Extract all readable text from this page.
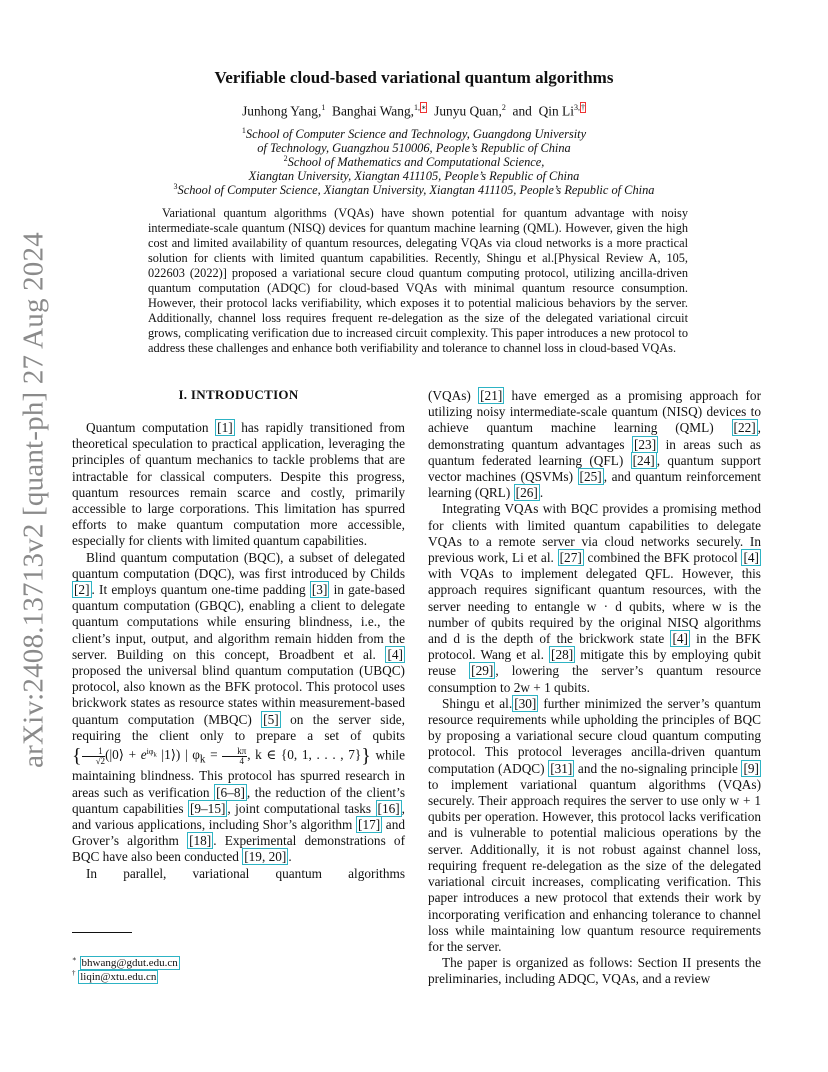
arXiv:2408.13713v2 [quant-ph] 27 Aug 2024
Verifiable cloud-based variational quantum algorithms
Junhong Yang,$^1$ Banghai Wang,$^{1,∗}$ Junyu Quan,$^2$ and Qin $Li^{3,\dagger}$
$^1$School of Computer Science and Technology, Guangdong University
of Technology, Guangzhou 510006, People’s Republic of China
$^2$School of Mathematics and Computational Science,
Xiangtan University, Xiangtan 411105, People’s Republic of China
$^3$School of Computer Science, Xiangtan University, Xiangtan 411105, People’s Republic of China
Variational quantum algorithms (VQAs) have shown potential for quantum advantage with noisy intermediate-scale quantum (NISQ) devices for quantum machine learning (QML). However, given the high cost and limited availability of quantum resources, delegating VQAs via cloud networks is a more practical solution for clients with limited quantum capabilities. Recently, Shingu et al.[Physical Review A, 105, 022603 (2022)] proposed a variational secure cloud quantum computing protocol, utilizing ancilla-driven quantum computation (ADQC) for cloud-based VQAs with minimal quantum resource consumption. However, their protocol lacks verifiability, which exposes it to potential malicious behaviors by the server. Additionally, channel loss requires frequent re-delegation as the size of the delegated variational circuit grows, complicating verification due to increased circuit complexity. This paper introduces a new protocol to address these challenges and enhance both verifiability and tolerance to channel loss in cloud-based VQAs.
I. INTRODUCTION

Quantum computation [1] has rapidly transitioned from theoretical speculation to practical application, leveraging the principles of quantum mechanics to tackle problems that are intractable for classical computers. Despite this progress, quantum resources remain scarce and costly, primarily accessible to large corporations. This limitation has spurred efforts to make quantum computation more accessible, especially for clients with limited quantum capabilities.

Blind quantum computation (BQC), a subset of delegated quantum computation (DQC), was first introduced by Childs [2] . It employs quantum one-time padding [3] in gate-based quantum computation (GBQC), enabling a client to delegate quantum computations while ensuring blindness, i.e., the client’s input, output, and algorithm remain hidden from the server. Building on this concept, Broadbent et al. [4] proposed the universal blind quantum computation (UBQC) protocol, also known as the BFK protocol. This protocol uses brickwork states as resource states within measurement-based quantum computation (MBQC) [5] on the server side, requiring the client only to prepare a set of qubits { $\frac{1}{√2}$ (|0⟩ + $e^{i\varphi_k}$ |1⟩) | $\varphi_k = \frac{k\pi}{4}$ , k ∈ {0, 1, . . . , 7}} while maintaining blindness. This protocol has spurred research in areas such as verification [6–8] , the reduction of the client’s quantum capabilities [9–15] , joint computational tasks [16] , and various applications, including Shor’s algorithm [17] and Grover’s algorithm [18] . Experimental demonstrations of BQC have also been conducted [19, 20] .

In parallel, variational quantum algorithms

∗ bhwang@gdut.edu.cn
† liqin@xtu.edu.cn

(VQAs) [21] have emerged as a promising approach for utilizing noisy intermediate-scale quantum (NISQ) devices to achieve quantum machine learning (QML) [22] , demonstrating quantum advantages [23] in areas such as quantum federated learning (QFL) [24] , quantum support vector machines (QSVMs) [25] , and quantum reinforcement learning (QRL) [26] .

Integrating VQAs with BQC provides a promising method for clients with limited quantum capabilities to delegate VQAs to a remote server via cloud networks securely. In previous work, Li et al. [27] combined the BFK protocol [4] with VQAs to implement delegated QFL. However, this approach requires significant quantum resources, with the server needing to entangle w · d qubits, where w is the number of qubits required by the original NISQ algorithms and d is the depth of the brickwork state [4] in the BFK protocol. Wang et al. [28] mitigate this by employing qubit reuse [29] , lowering the server’s quantum resource consumption to 2w + 1 qubits.

Shingu et al. [30] further minimized the server’s quantum resource requirements while upholding the principles of BQC by proposing a variational secure cloud quantum computing protocol. This protocol leverages ancilla-driven quantum computation (ADQC) [31] and the no-signaling principle [9] to implement variational quantum algorithms (VQAs) securely. Their approach requires the server to use only w + 1 qubits per operation. However, this protocol lacks verification and is vulnerable to potential malicious operations by the server. Additionally, it is not robust against channel loss, requiring frequent re-delegation as the size of the delegated variational circuit increases, complicating verification. This paper introduces a new protocol that extends their work by incorporating verification and enhancing tolerance to channel loss while maintaining low quantum resource requirements for the server.

The paper is organized as follows: Section II presents the preliminaries, including ADQC, VQAs, and a review
